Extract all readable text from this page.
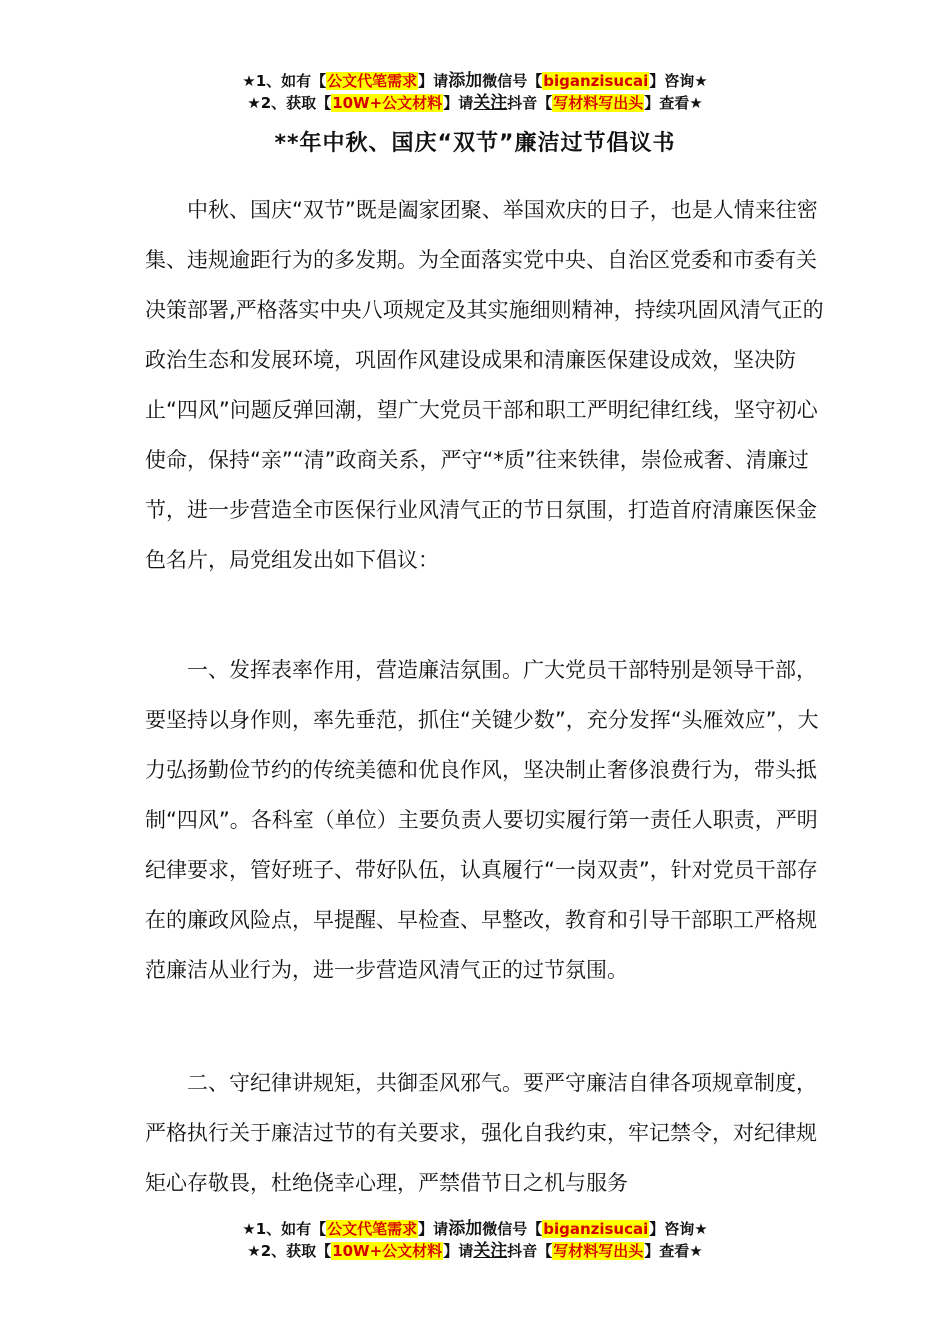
★1、如有【公文代笔需求】请添加微信号【biganzisucai】咨询★
★2、获取【10W+公文材料】请关注抖音【写材料写出头】查看★
**年中秋、国庆“双节”廉洁过节倡议书

中秋、国庆“双节”既是阖家团聚、举国欢庆的日子，也是人情来往密集、违规逾距行为的多发期。为全面落实党中央、自治区党委和市委有关决策部署,严格落实中央八项规定及其实施细则精神，持续巩固风清气正的政治生态和发展环境，巩固作风建设成果和清廉医保建设成效，坚决防止“四风”问题反弹回潮，望广大党员干部和职工严明纪律红线，坚守初心使命，保持“亲”“清”政商关系，严守“*质”往来铁律，崇俭戒奢、清廉过节，进一步营造全市医保行业风清气正的节日氛围，打造首府清廉医保金色名片，局党组发出如下倡议：

一、发挥表率作用，营造廉洁氛围。广大党员干部特别是领导干部，要坚持以身作则，率先垂范，抓住“关键少数”，充分发挥“头雁效应”，大力弘扬勤俭节约的传统美德和优良作风，坚决制止奢侈浪费行为，带头抵制“四风”。各科室（单位）主要负责人要切实履行第一责任人职责，严明纪律要求，管好班子、带好队伍，认真履行“一岗双责”，针对党员干部存在的廉政风险点，早提醒、早检查、早整改，教育和引导干部职工严格规范廉洁从业行为，进一步营造风清气正的过节氛围。

二、守纪律讲规矩，共御歪风邪气。要严守廉洁自律各项规章制度，严格执行关于廉洁过节的有关要求，强化自我约束，牢记禁令，对纪律规矩心存敬畏，杜绝侥幸心理，严禁借节日之机与服务

★1、如有【公文代笔需求】请添加微信号【biganzisucai】咨询★
★2、获取【10W+公文材料】请关注抖音【写材料写出头】查看★
